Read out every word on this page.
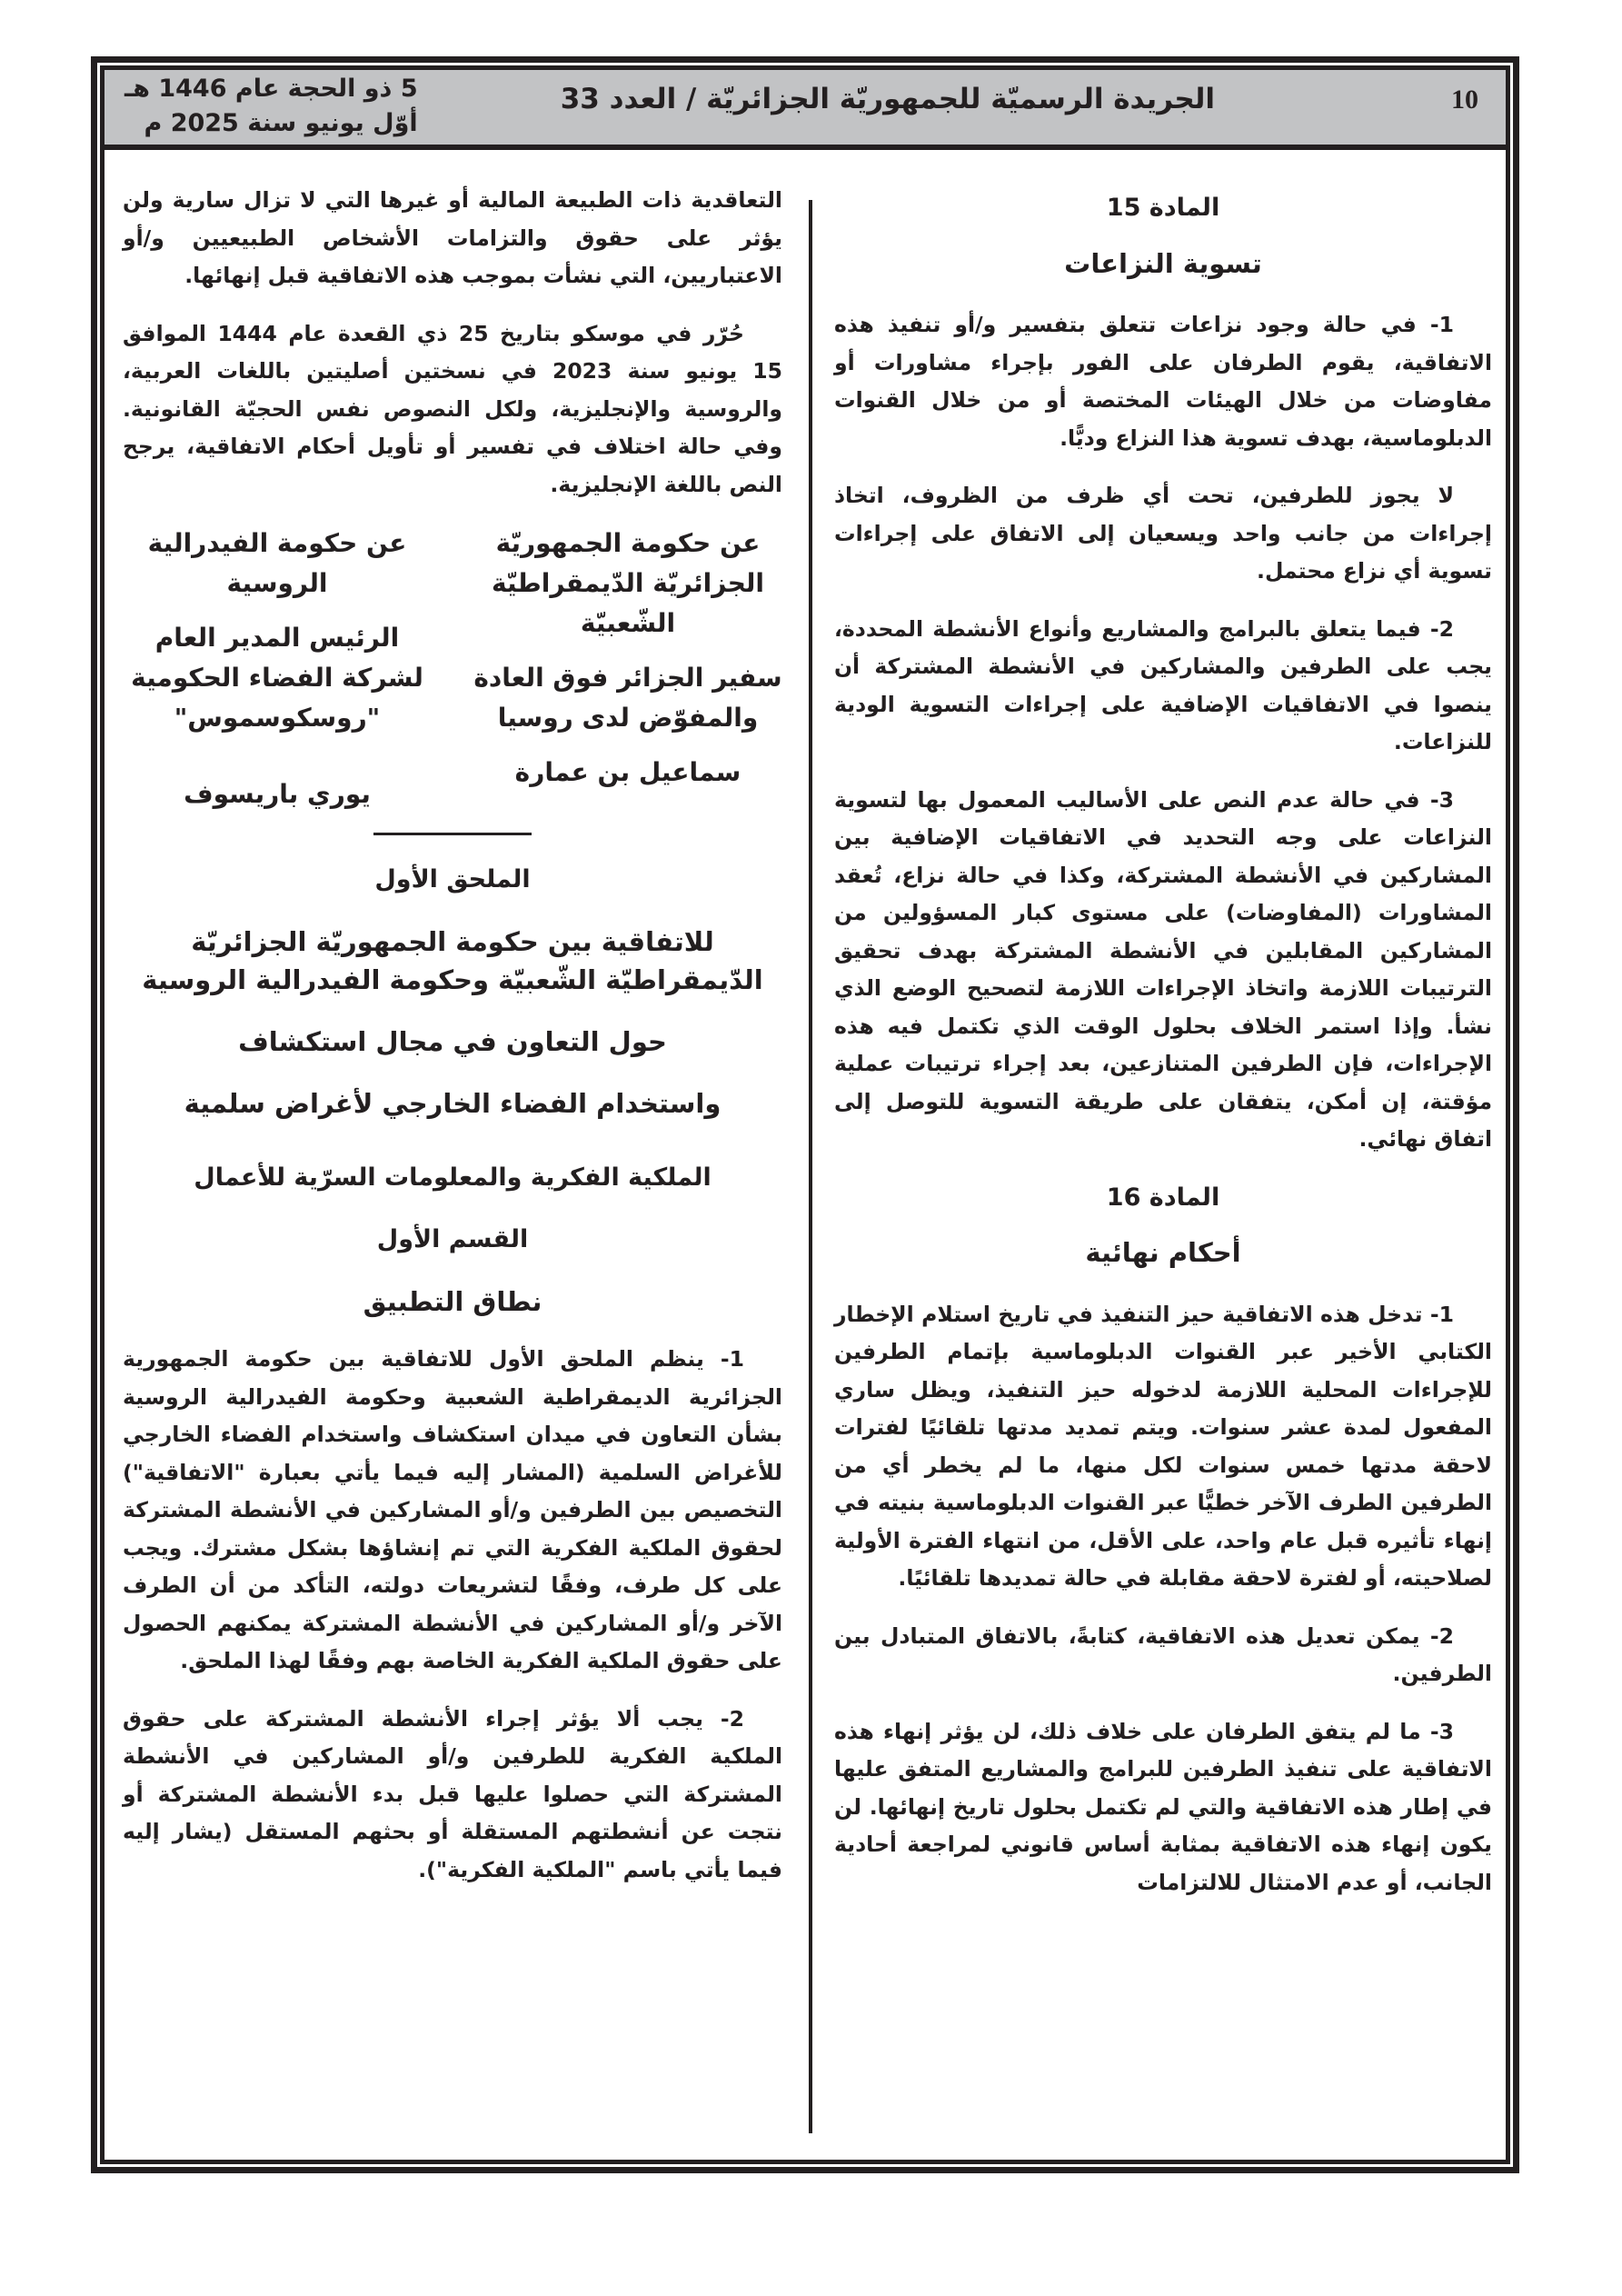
10
الجريدة الرسميّة للجمهوريّة الجزائريّة / العدد 33
5 ذو الحجة عام 1446 هـ
أوّل يونيو سنة 2025 م
المادة 15
تسوية النزاعات

1- في حالة وجود نزاعات تتعلق بتفسير و/أو تنفيذ هذه الاتفاقية، يقوم الطرفان على الفور بإجراء مشاورات أو مفاوضات من خلال الهيئات المختصة أو من خلال القنوات الدبلوماسية، بهدف تسوية هذا النزاع وديًّا.

لا يجوز للطرفين، تحت أي ظرف من الظروف، اتخاذ إجراءات من جانب واحد ويسعيان إلى الاتفاق على إجراءات تسوية أي نزاع محتمل.

2- فيما يتعلق بالبرامج والمشاريع وأنواع الأنشطة المحددة، يجب على الطرفين والمشاركين في الأنشطة المشتركة أن ينصوا في الاتفاقيات الإضافية على إجراءات التسوية الودية للنزاعات.

3- في حالة عدم النص على الأساليب المعمول بها لتسوية النزاعات على وجه التحديد في الاتفاقيات الإضافية بين المشاركين في الأنشطة المشتركة، وكذا في حالة نزاع، تُعقد المشاورات (المفاوضات) على مستوى كبار المسؤولين من المشاركين المقابلين في الأنشطة المشتركة بهدف تحقيق الترتيبات اللازمة واتخاذ الإجراءات اللازمة لتصحيح الوضع الذي نشأ. وإذا استمر الخلاف بحلول الوقت الذي تكتمل فيه هذه الإجراءات، فإن الطرفين المتنازعين، بعد إجراء ترتيبات عملية مؤقتة، إن أمكن، يتفقان على طريقة التسوية للتوصل إلى اتفاق نهائي.

المادة 16
أحكام نهائية

1- تدخل هذه الاتفاقية حيز التنفيذ في تاريخ استلام الإخطار الكتابي الأخير عبر القنوات الدبلوماسية بإتمام الطرفين للإجراءات المحلية اللازمة لدخوله حيز التنفيذ، ويظل ساري المفعول لمدة عشر سنوات. ويتم تمديد مدتها تلقائيًا لفترات لاحقة مدتها خمس سنوات لكل منها، ما لم يخطر أي من الطرفين الطرف الآخر خطيًّا عبر القنوات الدبلوماسية بنيته في إنهاء تأثيره قبل عام واحد، على الأقل، من انتهاء الفترة الأولية لصلاحيته، أو لفترة لاحقة مقابلة في حالة تمديدها تلقائيًا.

2- يمكن تعديل هذه الاتفاقية، كتابةً، بالاتفاق المتبادل بين الطرفين.

3- ما لم يتفق الطرفان على خلاف ذلك، لن يؤثر إنهاء هذه الاتفاقية على تنفيذ الطرفين للبرامج والمشاريع المتفق عليها في إطار هذه الاتفاقية والتي لم تكتمل بحلول تاريخ إنهائها. لن يكون إنهاء هذه الاتفاقية بمثابة أساس قانوني لمراجعة أحادية الجانب، أو عدم الامتثال للالتزامات

التعاقدية ذات الطبيعة المالية أو غيرها التي لا تزال سارية ولن يؤثر على حقوق والتزامات الأشخاص الطبيعيين و/أو الاعتباريين، التي نشأت بموجب هذه الاتفاقية قبل إنهائها.

حُرّر في موسكو بتاريخ 25 ذي القعدة عام 1444 الموافق 15 يونيو سنة 2023 في نسختين أصليتين باللغات العربية، والروسية والإنجليزية، ولكل النصوص نفس الحجيّة القانونية. وفي حالة اختلاف في تفسير أو تأويل أحكام الاتفاقية، يرجح النص باللغة الإنجليزية.

عن حكومة الجمهوريّة الجزائريّة الدّيمقراطيّة الشّعبيّة
سفير الجزائر فوق العادة والمفوّض لدى روسيا
سماعيل بن عمارة
عن حكومة الفيدرالية الروسية
الرئيس المدير العام لشركة الفضاء الحكومية "روسكوسموس"
يوري باريسوف
الملحق الأول
للاتفاقية بين حكومة الجمهوريّة الجزائريّة الدّيمقراطيّة الشّعبيّة وحكومة الفيدرالية الروسية
حول التعاون في مجال استكشاف
واستخدام الفضاء الخارجي لأغراض سلمية
الملكية الفكرية والمعلومات السرّية للأعمال
القسم الأول
نطاق التطبيق

1- ينظم الملحق الأول للاتفاقية بين حكومة الجمهورية الجزائرية الديمقراطية الشعبية وحكومة الفيدرالية الروسية بشأن التعاون في ميدان استكشاف واستخدام الفضاء الخارجي للأغراض السلمية (المشار إليه فيما يأتي بعبارة "الاتفاقية") التخصيص بين الطرفين و/أو المشاركين في الأنشطة المشتركة لحقوق الملكية الفكرية التي تم إنشاؤها بشكل مشترك. ويجب على كل طرف، وفقًا لتشريعات دولته، التأكد من أن الطرف الآخر و/أو المشاركين في الأنشطة المشتركة يمكنهم الحصول على حقوق الملكية الفكرية الخاصة بهم وفقًا لهذا الملحق.

2- يجب ألا يؤثر إجراء الأنشطة المشتركة على حقوق الملكية الفكرية للطرفين و/أو المشاركين في الأنشطة المشتركة التي حصلوا عليها قبل بدء الأنشطة المشتركة أو نتجت عن أنشطتهم المستقلة أو بحثهم المستقل (يشار إليه فيما يأتي باسم "الملكية الفكرية").
